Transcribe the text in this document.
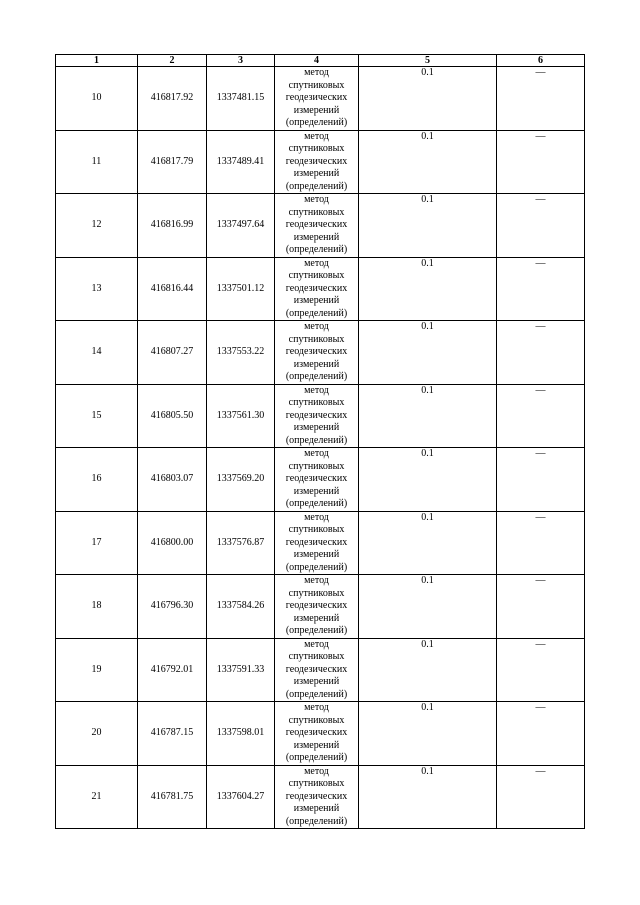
1	2	3	4	5	6
10	416817.92	1337481.15	метод
спутниковых
геодезических
измерений
(определений)	0.1	—
11	416817.79	1337489.41	метод
спутниковых
геодезических
измерений
(определений)	0.1	—
12	416816.99	1337497.64	метод
спутниковых
геодезических
измерений
(определений)	0.1	—
13	416816.44	1337501.12	метод
спутниковых
геодезических
измерений
(определений)	0.1	—
14	416807.27	1337553.22	метод
спутниковых
геодезических
измерений
(определений)	0.1	—
15	416805.50	1337561.30	метод
спутниковых
геодезических
измерений
(определений)	0.1	—
16	416803.07	1337569.20	метод
спутниковых
геодезических
измерений
(определений)	0.1	—
17	416800.00	1337576.87	метод
спутниковых
геодезических
измерений
(определений)	0.1	—
18	416796.30	1337584.26	метод
спутниковых
геодезических
измерений
(определений)	0.1	—
19	416792.01	1337591.33	метод
спутниковых
геодезических
измерений
(определений)	0.1	—
20	416787.15	1337598.01	метод
спутниковых
геодезических
измерений
(определений)	0.1	—
21	416781.75	1337604.27	метод
спутниковых
геодезических
измерений
(определений)	0.1	—
